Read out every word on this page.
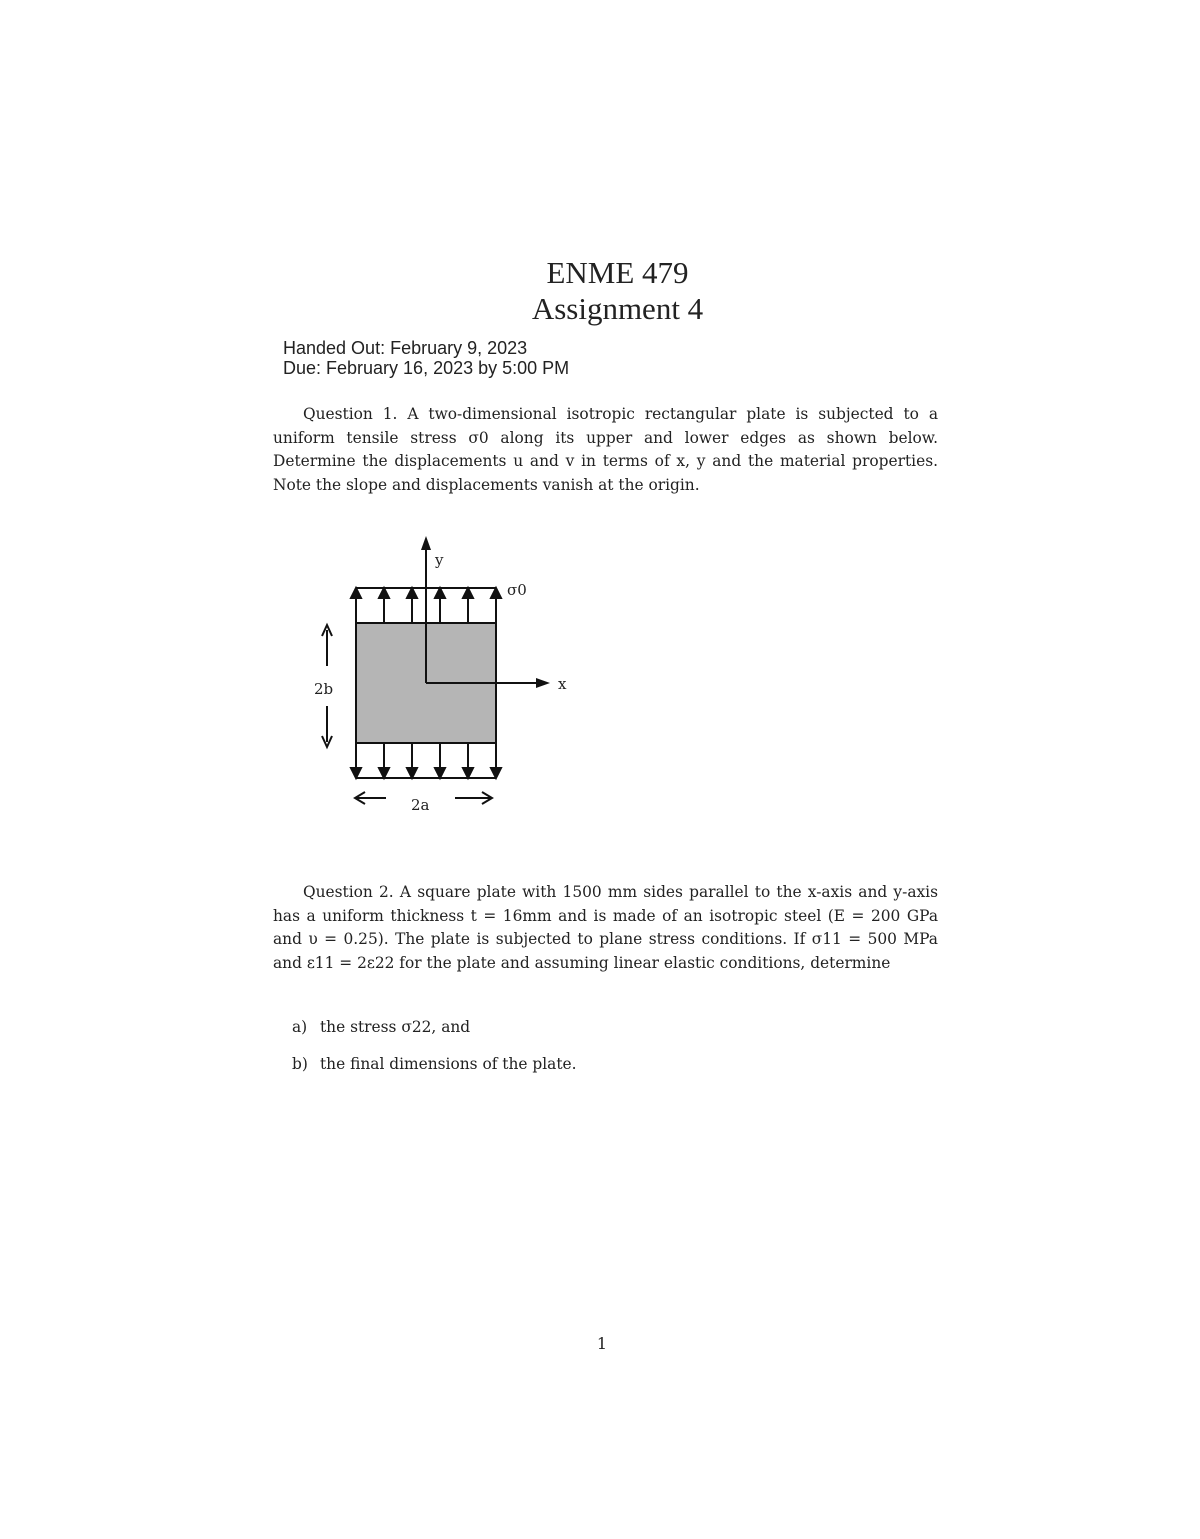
ENME 479
Assignment 4
Handed Out: February 9, 2023
Due: February 16, 2023 by 5:00 PM
Question 1. A two-dimensional isotropic rectangular plate is subjected to a uniform tensile stress σ0 along its upper and lower edges as shown below. Determine the displacements u and v in terms of x, y and the material properties. Note the slope and displacements vanish at the origin.
y
x
σ0
2b
2a
Question 2. A square plate with 1500 mm sides parallel to the x-axis and y-axis has a uniform thickness t = 16mm and is made of an isotropic steel (E = 200 GPa and υ = 0.25). The plate is subjected to plane stress conditions. If σ11 = 500 MPa and ε11 = 2ε22 for the plate and assuming linear elastic conditions, determine
a) the stress σ22, and
b) the final dimensions of the plate.
1
